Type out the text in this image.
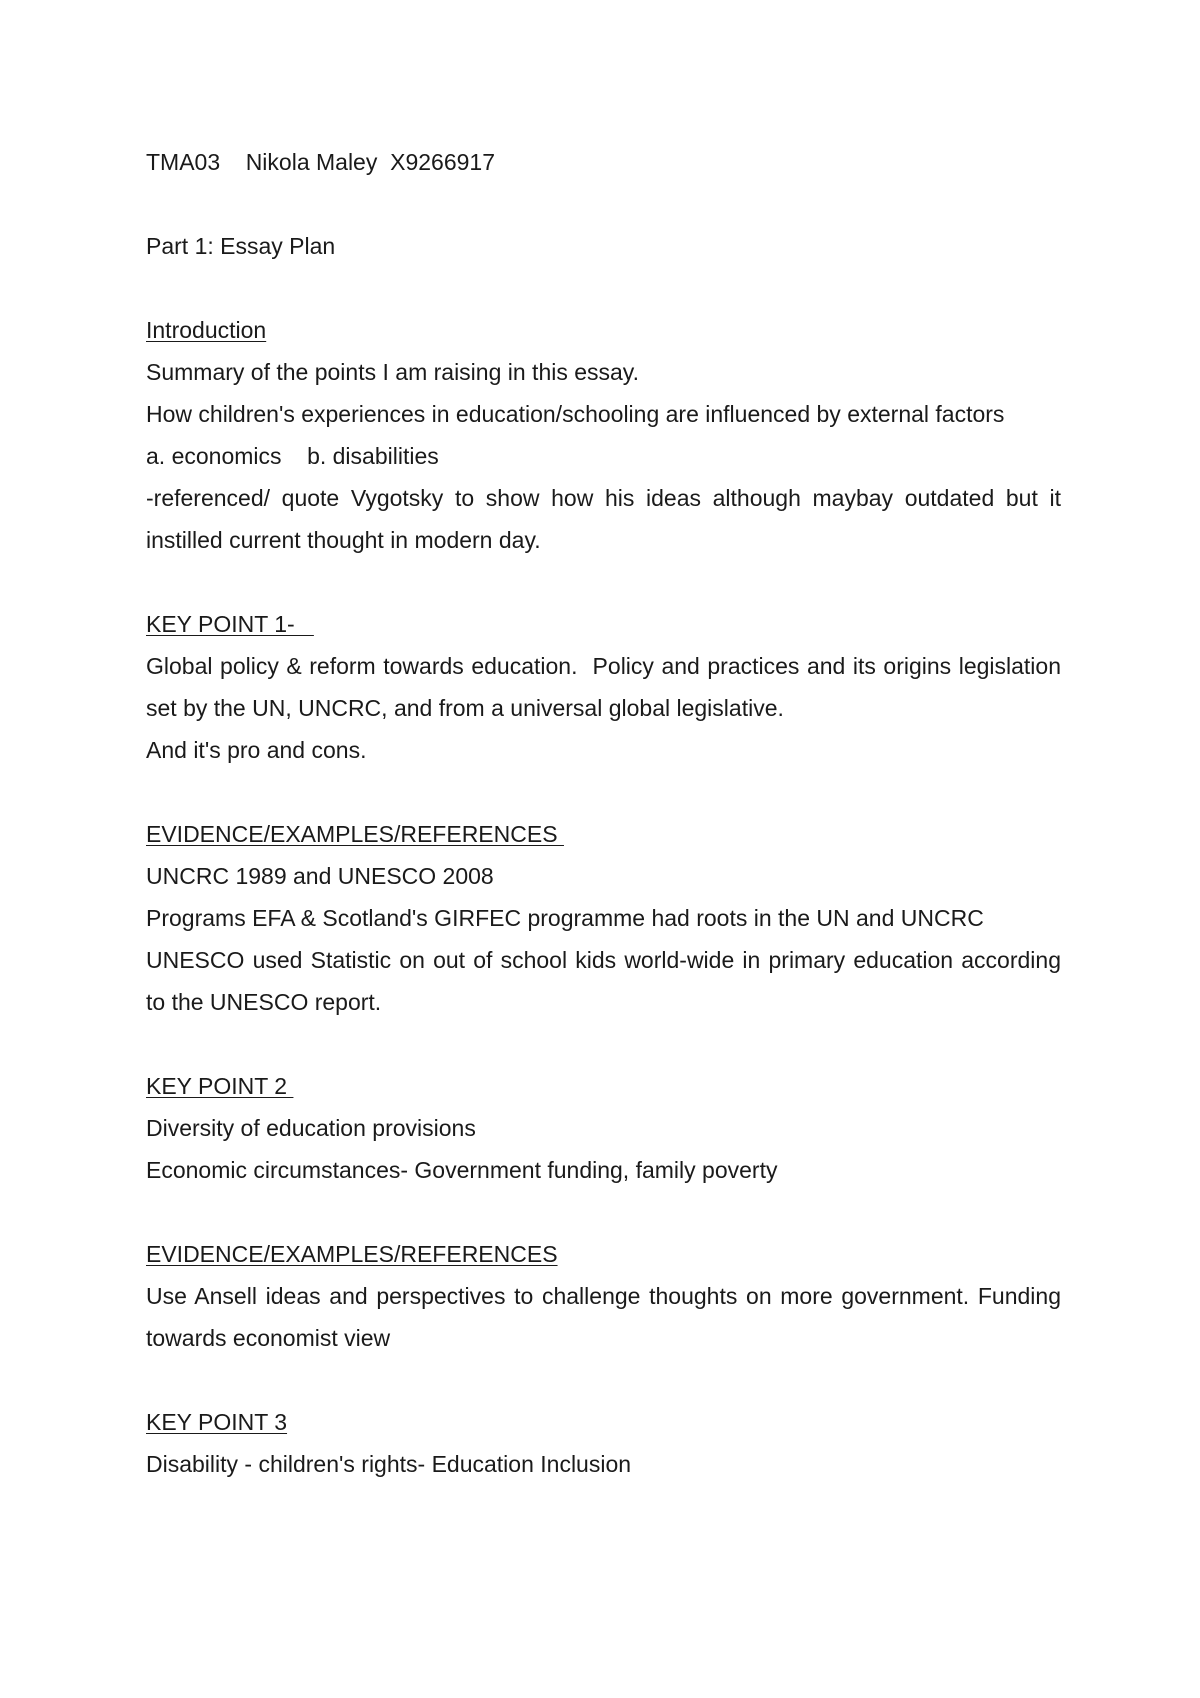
TMA03    Nikola Maley  X9266917
Part 1: Essay Plan
Introduction
Summary of the points I am raising in this essay.
How children's experiences in education/schooling are influenced by external factors
a. economics    b. disabilities
-referenced/ quote Vygotsky to show how his ideas although maybay outdated but it instilled current thought in modern day.
KEY POINT 1-
Global policy & reform towards education.  Policy and practices and its origins legislation set by the UN, UNCRC, and from a universal global legislative.
And it's pro and cons.
EVIDENCE/EXAMPLES/REFERENCES
UNCRC 1989 and UNESCO 2008
Programs EFA & Scotland's GIRFEC programme had roots in the UN and UNCRC
UNESCO used Statistic on out of school kids world-wide in primary education according to the UNESCO report.
KEY POINT 2
Diversity of education provisions
Economic circumstances- Government funding, family poverty
EVIDENCE/EXAMPLES/REFERENCES
Use Ansell ideas and perspectives to challenge thoughts on more government. Funding towards economist view
KEY POINT 3
Disability - children's rights- Education Inclusion
